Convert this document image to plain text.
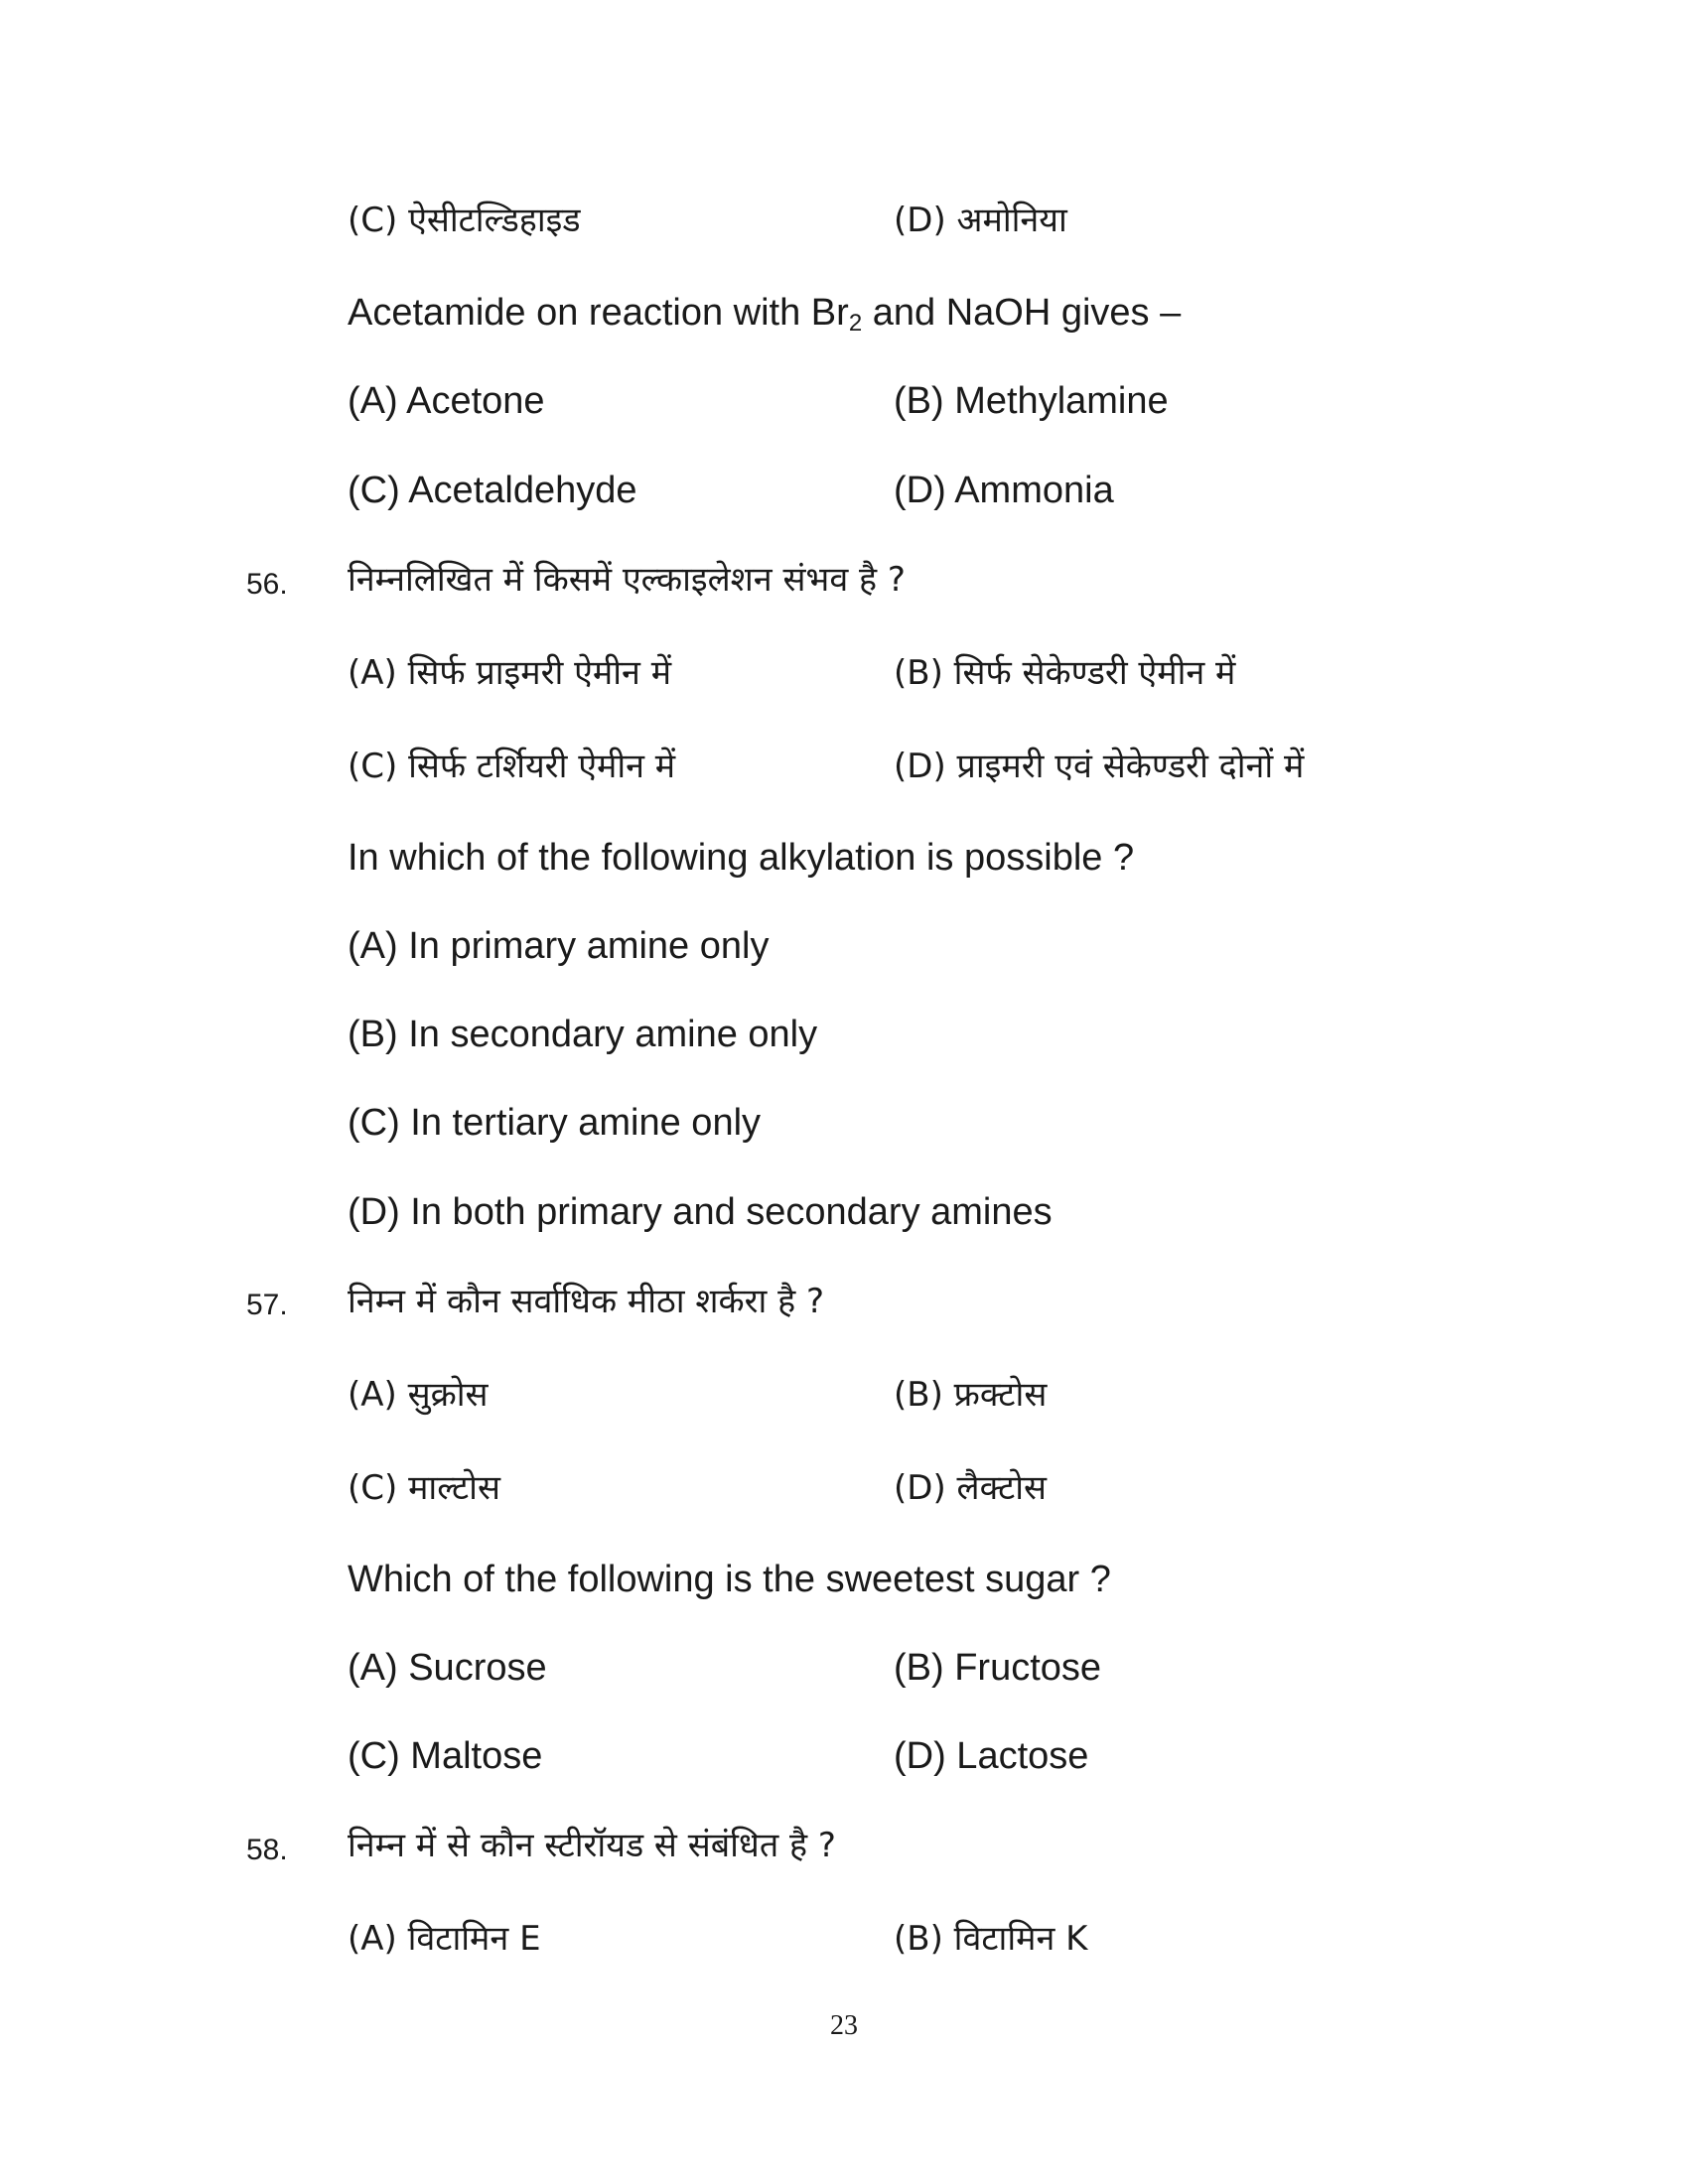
(C) ऐसीटल्डिहाइड	(D) अमोनिया
Acetamide on reaction with $Br_2$ and NaOH gives –
(A) Acetone	(B) Methylamine
(C) Acetaldehyde	(D) Ammonia
56. निम्नलिखित में किसमें एल्काइलेशन संभव है ?
(A) सिर्फ प्राइमरी ऐमीन में	(B) सिर्फ सेकेण्डरी ऐमीन में
(C) सिर्फ टर्शियरी ऐमीन में	(D) प्राइमरी एवं सेकेण्डरी दोनों में
In which of the following alkylation is possible ?
(A) In primary amine only
(B) In secondary amine only
(C) In tertiary amine only
(D) In both primary and secondary amines
57. निम्न में कौन सर्वाधिक मीठा शर्करा है ?
(A) सुक्रोस	(B) फ्रक्टोस
(C) माल्टोस	(D) लैक्टोस
Which of the following is the sweetest sugar ?
(A) Sucrose	(B) Fructose
(C) Maltose	(D) Lactose
58. निम्न में से कौन स्टीरॉयड से संबंधित है ?
(A) विटामिन E	(B) विटामिन K
23
